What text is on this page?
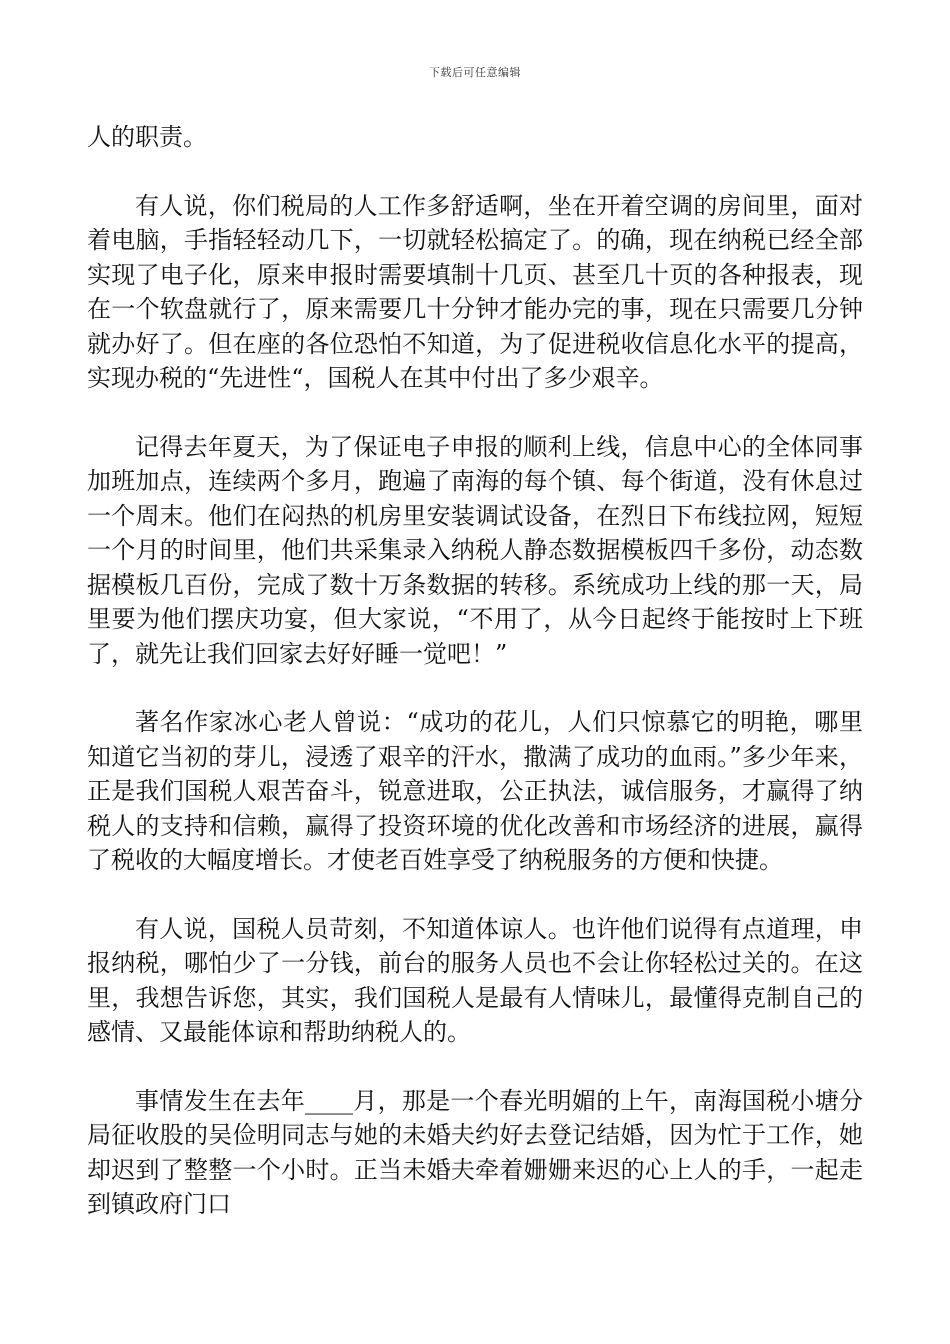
下载后可任意编辑

人的职责。

有人说，你们税局的人工作多舒适啊，坐在开着空调的房间里，面对着电脑，手指轻轻动几下，一切就轻松搞定了。的确，现在纳税已经全部实现了电子化，原来申报时需要填制十几页、甚至几十页的各种报表，现在一个软盘就行了，原来需要几十分钟才能办完的事，现在只需要几分钟就办好了。但在座的各位恐怕不知道，为了促进税收信息化水平的提高，实现办税的“先进性“，国税人在其中付出了多少艰辛。

记得去年夏天，为了保证电子申报的顺利上线，信息中心的全体同事加班加点，连续两个多月，跑遍了南海的每个镇、每个街道，没有休息过一个周末。他们在闷热的机房里安装调试设备，在烈日下布线拉网，短短一个月的时间里，他们共采集录入纳税人静态数据模板四千多份，动态数据模板几百份，完成了数十万条数据的转移。系统成功上线的那一天，局里要为他们摆庆功宴，但大家说，“不用了，从今日起终于能按时上下班了，就先让我们回家去好好睡一觉吧！”

著名作家冰心老人曾说：“成功的花儿，人们只惊慕它的明艳，哪里知道它当初的芽儿，浸透了艰辛的汗水，撒满了成功的血雨。”多少年来，正是我们国税人艰苦奋斗，锐意进取，公正执法，诚信服务，才赢得了纳税人的支持和信赖，赢得了投资环境的优化改善和市场经济的进展，赢得了税收的大幅度增长。才使老百姓享受了纳税服务的方便和快捷。

有人说，国税人员苛刻，不知道体谅人。也许他们说得有点道理，申报纳税，哪怕少了一分钱，前台的服务人员也不会让你轻松过关的。在这里，我想告诉您，其实，我们国税人是最有人情味儿，最懂得克制自己的感情、又最能体谅和帮助纳税人的。

事情发生在去年____月，那是一个春光明媚的上午，南海国税小塘分局征收股的吴俭明同志与她的未婚夫约好去登记结婚，因为忙于工作，她却迟到了整整一个小时。正当未婚夫牵着姗姗来迟的心上人的手，一起走到镇政府门口
